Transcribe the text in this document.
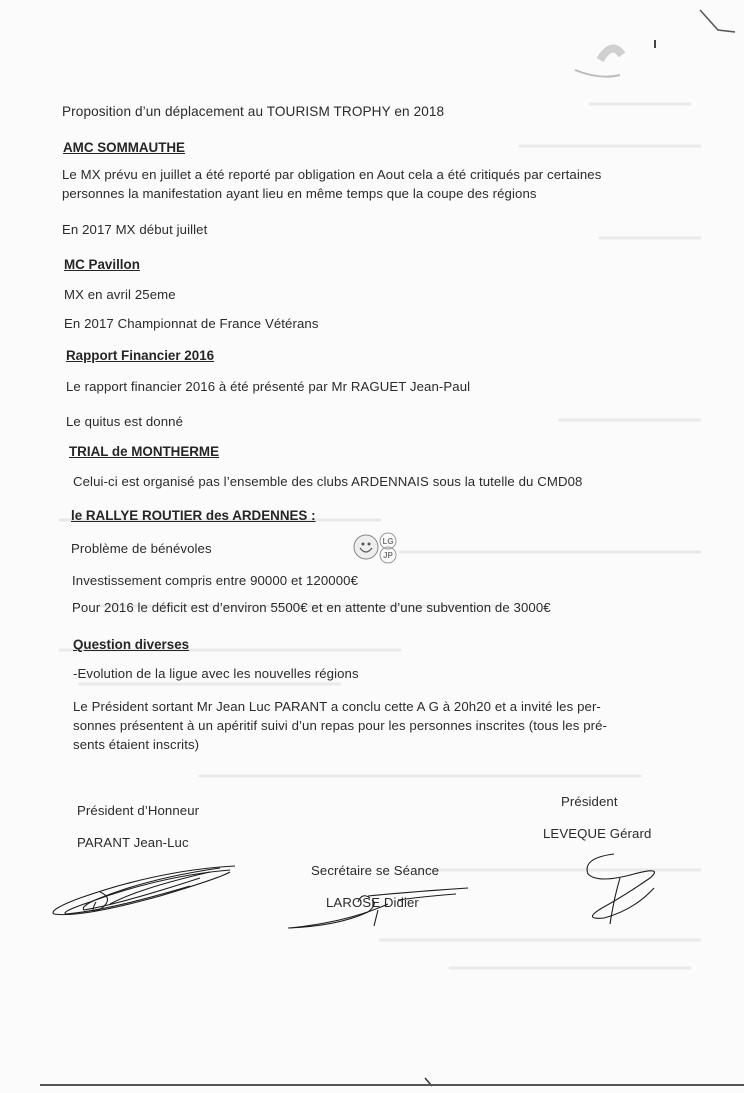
Proposition d’un déplacement au TOURISM TROPHY en 2018

AMC SOMMAUTHE

Le MX prévu en juillet a été reporté par obligation en Aout cela a été critiqués par certaines

personnes la manifestation ayant lieu en même temps que la coupe des régions

En 2017 MX début juillet

MC Pavillon

MX en avril 25eme

En 2017 Championnat de France Vétérans

Rapport Financier 2016

Le rapport financier 2016 à été présenté par Mr RAGUET Jean-Paul

Le quitus est donné

TRIAL de MONTHERME

Celui-ci est organisé pas l’ensemble des clubs ARDENNAIS sous la tutelle du CMD08

le RALLYE ROUTIER des ARDENNES :

Problème de bénévoles

Investissement compris entre 90000 et 120000€

Pour 2016 le déficit est d’environ 5500€ et en attente d’une subvention de 3000€

LG
JP

Question diverses

-Evolution de la ligue avec les nouvelles régions

Le Président sortant Mr Jean Luc PARANT a conclu cette A G à 20h20 et a invité les per-

sonnes présentent à un apéritif suivi d’un repas pour les personnes inscrites (tous les pré-

sents étaient inscrits)

Président d’Honneur

PARANT Jean-Luc

Président

LEVEQUE Gérard

Secrétaire se Séance

LAROSE Didier
